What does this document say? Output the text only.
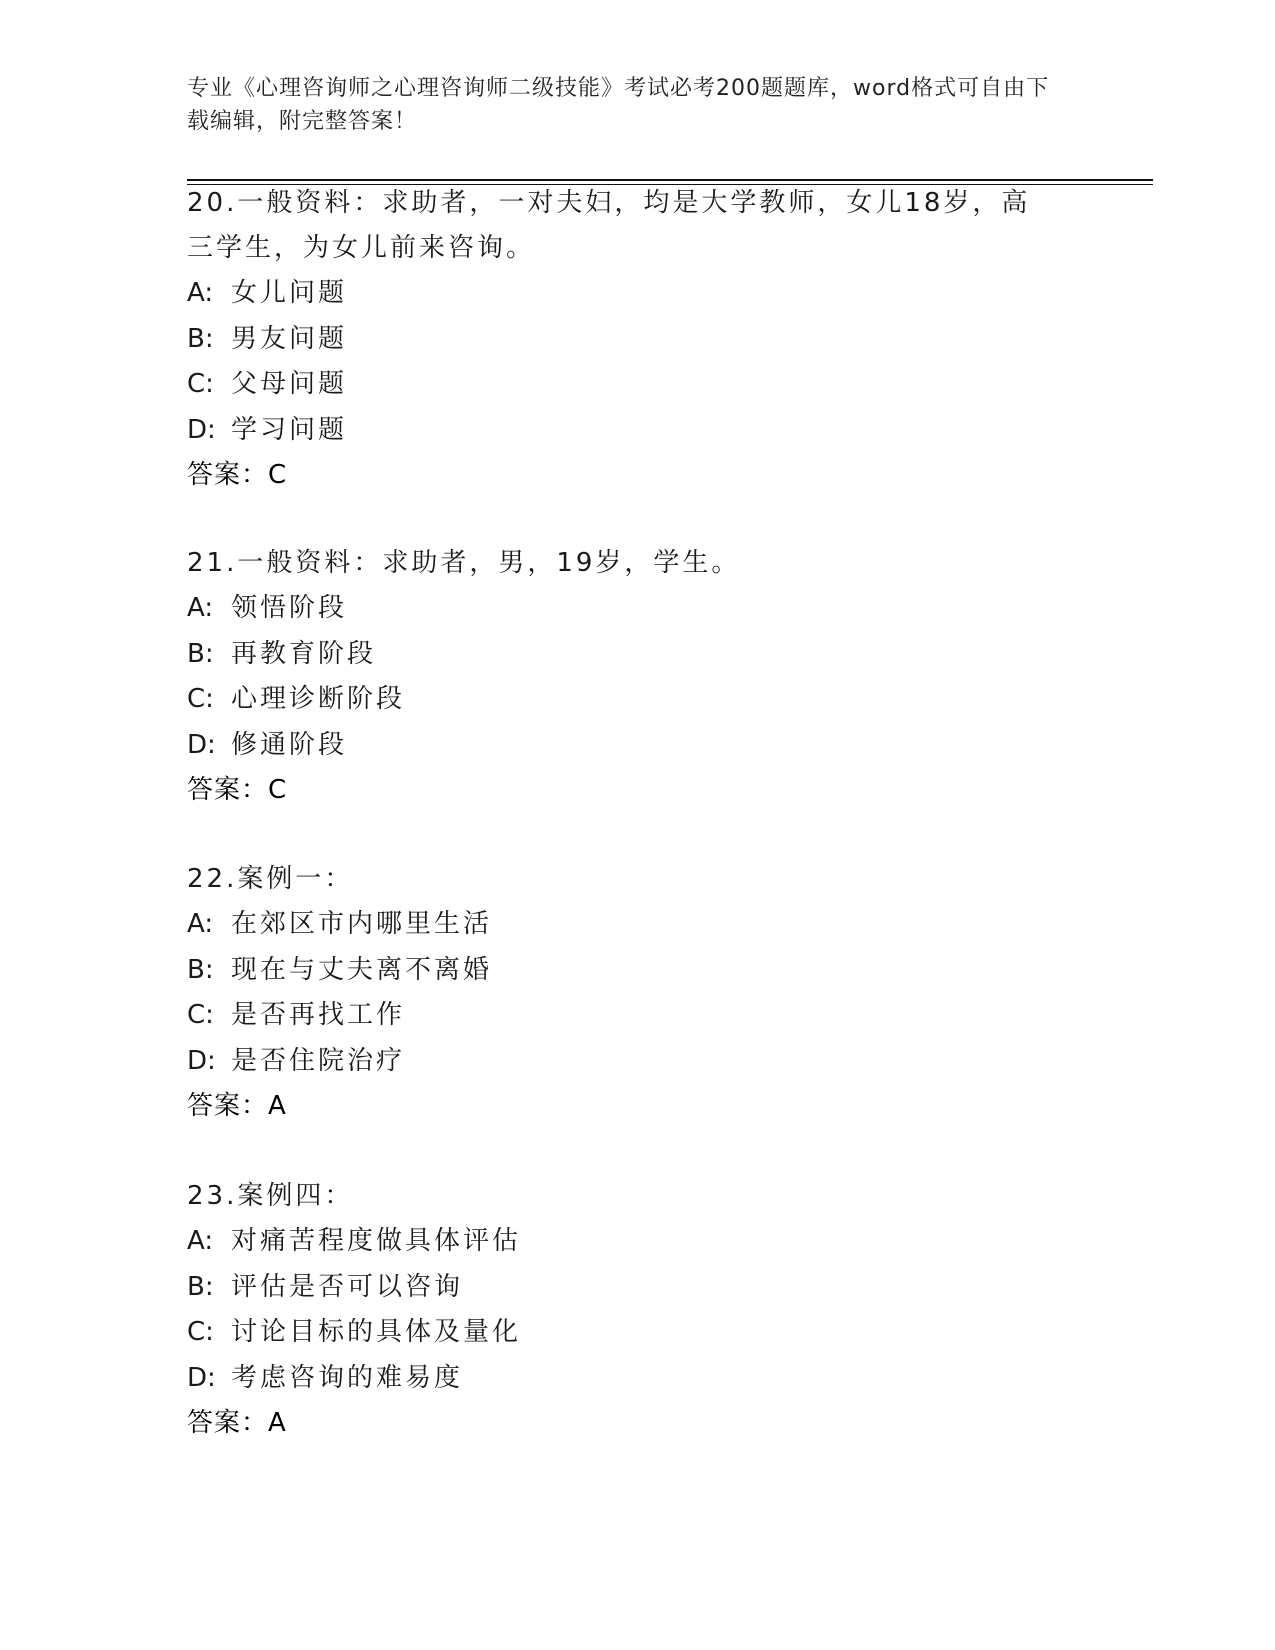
专业《心理咨询师之心理咨询师二级技能》考试必考200题题库，word格式可自由下载编辑，附完整答案！
20.一般资料：求助者，一对夫妇，均是大学教师，女儿18岁，高三学生，为女儿前来咨询。
A: 女儿问题
B: 男友问题
C: 父母问题
D: 学习问题
答案：C
21.一般资料：求助者，男，19岁，学生。
A: 领悟阶段
B: 再教育阶段
C: 心理诊断阶段
D: 修通阶段
答案：C
22.案例一：
A: 在郊区市内哪里生活
B: 现在与丈夫离不离婚
C: 是否再找工作
D: 是否住院治疗
答案：A
23.案例四：
A: 对痛苦程度做具体评估
B: 评估是否可以咨询
C: 讨论目标的具体及量化
D: 考虑咨询的难易度
答案：A
